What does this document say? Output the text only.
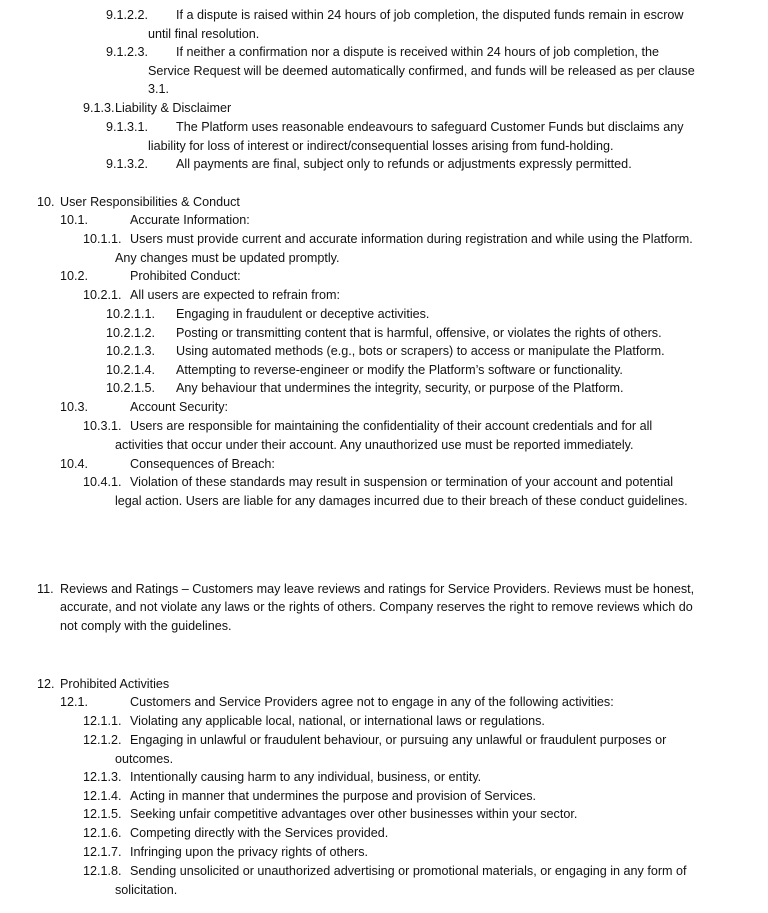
9.1.2.2. If a dispute is raised within 24 hours of job completion, the disputed funds remain in escrow
until final resolution.
9.1.2.3. If neither a confirmation nor a dispute is received within 24 hours of job completion, the
Service Request will be deemed automatically confirmed, and funds will be released as per clause
3.1.
9.1.3. Liability & Disclaimer
9.1.3.1. The Platform uses reasonable endeavours to safeguard Customer Funds but disclaims any
liability for loss of interest or indirect/consequential losses arising from fund-holding.
9.1.3.2. All payments are final, subject only to refunds or adjustments expressly permitted.
10. User Responsibilities & Conduct
10.1.	Accurate Information:
10.1.1. Users must provide current and accurate information during registration and while using the Platform.
Any changes must be updated promptly.
10.2.	Prohibited Conduct:
10.2.1. All users are expected to refrain from:
10.2.1.1. Engaging in fraudulent or deceptive activities.
10.2.1.2. Posting or transmitting content that is harmful, offensive, or violates the rights of others.
10.2.1.3. Using automated methods (e.g., bots or scrapers) to access or manipulate the Platform.
10.2.1.4. Attempting to reverse-engineer or modify the Platform’s software or functionality.
10.2.1.5. Any behaviour that undermines the integrity, security, or purpose of the Platform.
10.3.	Account Security:
10.3.1. Users are responsible for maintaining the confidentiality of their account credentials and for all
activities that occur under their account. Any unauthorized use must be reported immediately.
10.4.	Consequences of Breach:
10.4.1. Violation of these standards may result in suspension or termination of your account and potential
legal action. Users are liable for any damages incurred due to their breach of these conduct guidelines.
11. Reviews and Ratings – Customers may leave reviews and ratings for Service Providers. Reviews must be honest,
accurate, and not violate any laws or the rights of others. Company reserves the right to remove reviews which do
not comply with the guidelines.
12. Prohibited Activities
12.1.	Customers and Service Providers agree not to engage in any of the following activities:
12.1.1. Violating any applicable local, national, or international laws or regulations.
12.1.2. Engaging in unlawful or fraudulent behaviour, or pursuing any unlawful or fraudulent purposes or
outcomes.
12.1.3. Intentionally causing harm to any individual, business, or entity.
12.1.4. Acting in manner that undermines the purpose and provision of Services.
12.1.5. Seeking unfair competitive advantages over other businesses within your sector.
12.1.6. Competing directly with the Services provided.
12.1.7. Infringing upon the privacy rights of others.
12.1.8. Sending unsolicited or unauthorized advertising or promotional materials, or engaging in any form of
solicitation.
